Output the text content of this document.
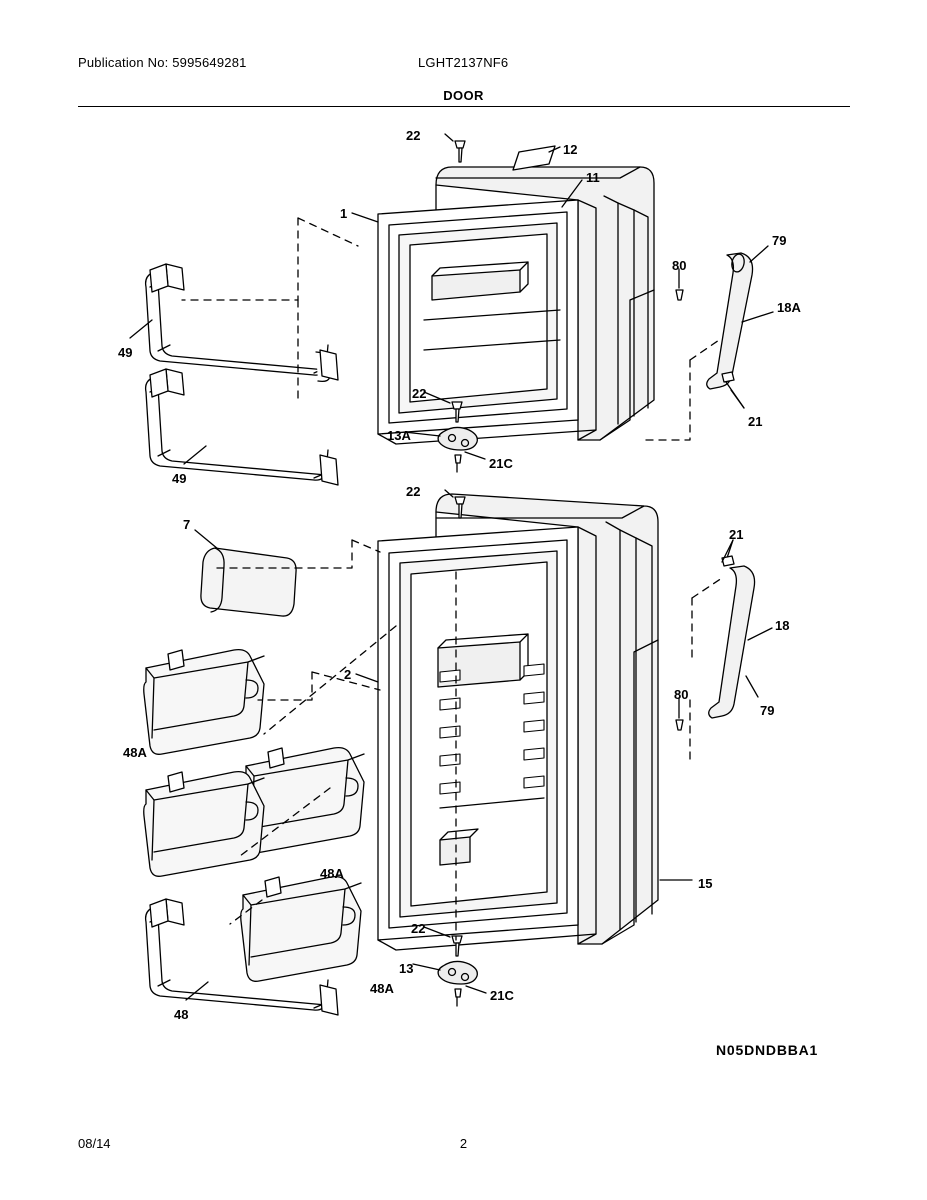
Publication No: 5995649281	LGHT2137NF6
DOOR
22
12
11
1
79
80
18A
49
22
21
13A
21C
49
22
7
21
18
2
80
79
48A
48A
15
22
13
48A	21C
48
N05DNDBBA1
08/14	2
